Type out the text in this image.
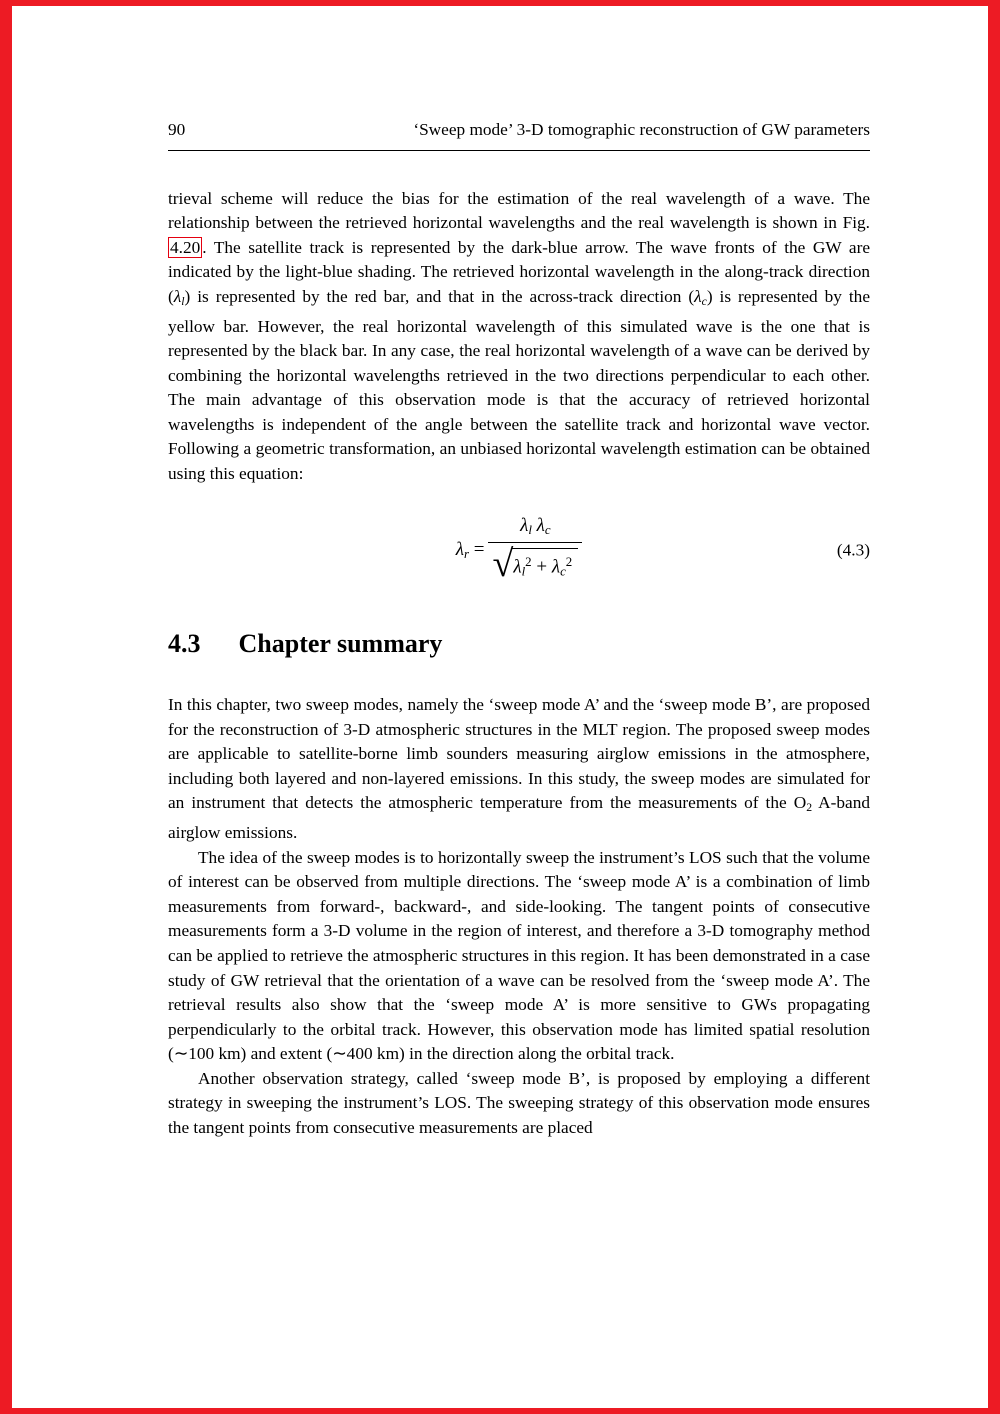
90	‘Sweep mode’ 3-D tomographic reconstruction of GW parameters

trieval scheme will reduce the bias for the estimation of the real wavelength of a wave. The relationship between the retrieved horizontal wavelengths and the real wavelength is shown in Fig. 4.20 . The satellite track is represented by the dark-blue arrow. The wave fronts of the GW are indicated by the light-blue shading. The retrieved horizontal wavelength in the along-track direction $(\lambda_l)$ is represented by the red bar, and that in the across-track direction $(\lambda_c)$ is represented by the yellow bar. However, the real horizontal wavelength of this simulated wave is the one that is represented by the black bar. In any case, the real horizontal wavelength of a wave can be derived by combining the horizontal wavelengths retrieved in the two directions perpendicular to each other. The main advantage of this observation mode is that the accuracy of retrieved horizontal wavelengths is independent of the angle between the satellite track and horizontal wave vector. Following a geometric transformation, an unbiased horizontal wavelength estimation can be obtained using this equation:

$\lambda_r = \frac{\lambda_l \lambda_c}{√ \lambda_l^2 + \lambda_c^2}$	(4.3)
4.3 Chapter summary

In this chapter, two sweep modes, namely the ‘sweep mode A’ and the ‘sweep mode B’, are proposed for the reconstruction of 3-D atmospheric structures in the MLT region. The proposed sweep modes are applicable to satellite-borne limb sounders measuring airglow emissions in the atmosphere, including both layered and non-layered emissions. In this study, the sweep modes are simulated for an instrument that detects the atmospheric temperature from the measurements of the $O_2$ A-band airglow emissions.

The idea of the sweep modes is to horizontally sweep the instrument’s LOS such that the volume of interest can be observed from multiple directions. The ‘sweep mode A’ is a combination of limb measurements from forward-, backward-, and side-looking. The tangent points of consecutive measurements form a 3-D volume in the region of interest, and therefore a 3-D tomography method can be applied to retrieve the atmospheric structures in this region. It has been demonstrated in a case study of GW retrieval that the orientation of a wave can be resolved from the ‘sweep mode A’. The retrieval results also show that the ‘sweep mode A’ is more sensitive to GWs propagating perpendicularly to the orbital track. However, this observation mode has limited spatial resolution (∼100 km) and extent (∼400 km) in the direction along the orbital track.

Another observation strategy, called ‘sweep mode B’, is proposed by employing a different strategy in sweeping the instrument’s LOS. The sweeping strategy of this observation mode ensures the tangent points from consecutive measurements are placed
